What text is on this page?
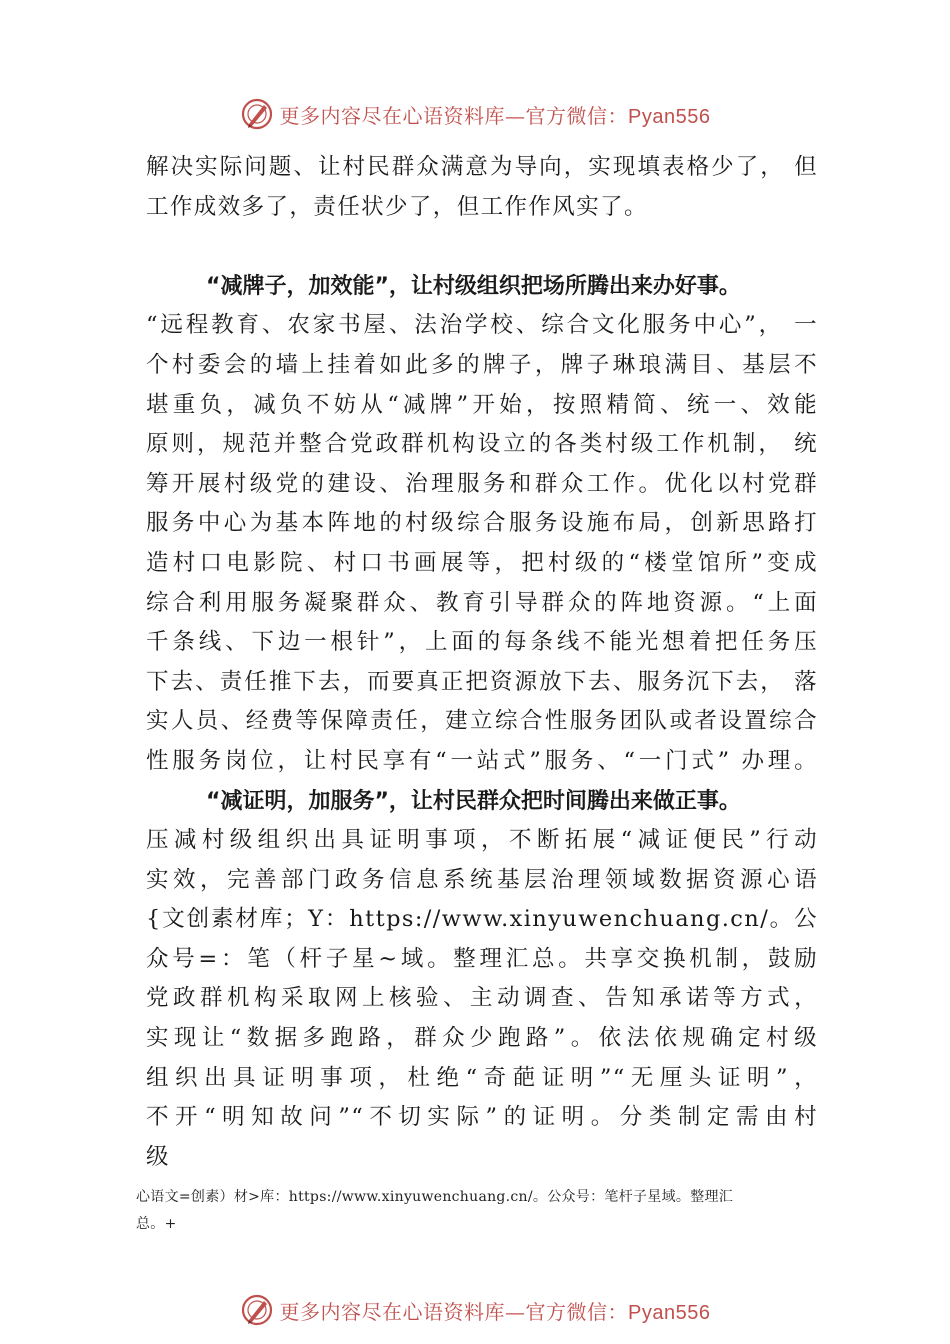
更多内容尽在心语资料库—官方微信：Pyan556
解决实际问题、让村民群众满意为导向，实现填表格少了， 但
工作成效多了，责任状少了，但工作作风实了。
“减牌子，加效能”，让村级组织把场所腾出来办好事。
“远程教育、农家书屋、法治学校、综合文化服务中心”， 一
个村委会的墙上挂着如此多的牌子，牌子琳琅满目、基层不
堪重负，减负不妨从“减牌”开始，按照精简、统一、效能
原则，规范并整合党政群机构设立的各类村级工作机制， 统
筹开展村级党的建设、治理服务和群众工作。优化以村党群
服务中心为基本阵地的村级综合服务设施布局，创新思路打
造村口电影院、村口书画展等，把村级的“楼堂馆所”变成
综合利用服务凝聚群众、教育引导群众的阵地资源。“上面
千条线、下边一根针”，上面的每条线不能光想着把任务压
下去、责任推下去，而要真正把资源放下去、服务沉下去， 落
实人员、经费等保障责任，建立综合性服务团队或者设置综合
性服务岗位，让村民享有“一站式”服务、“一门式” 办理。
“减证明，加服务”，让村民群众把时间腾出来做正事。
压减村级组织出具证明事项，不断拓展“减证便民”行动
实效，完善部门政务信息系统基层治理领域数据资源心语
{文创素材库；Y：https://www.xinyuwenchuang.cn/。公
众号=：笔（杆子星~域。整理汇总。共享交换机制，鼓励
党政群机构采取网上核验、主动调查、告知承诺等方式，
实现让“数据多跑路，群众少跑路”。依法依规确定村级
组织出具证明事项，杜绝“奇葩证明”“无厘头证明”，
不开“明知故问”“不切实际”的证明。分类制定需由村
级
心语文=创素）材>库：https://www.xinyuwenchuang.cn/。公众号：笔杆子星域。整理汇
总。+
更多内容尽在心语资料库—官方微信：Pyan556
